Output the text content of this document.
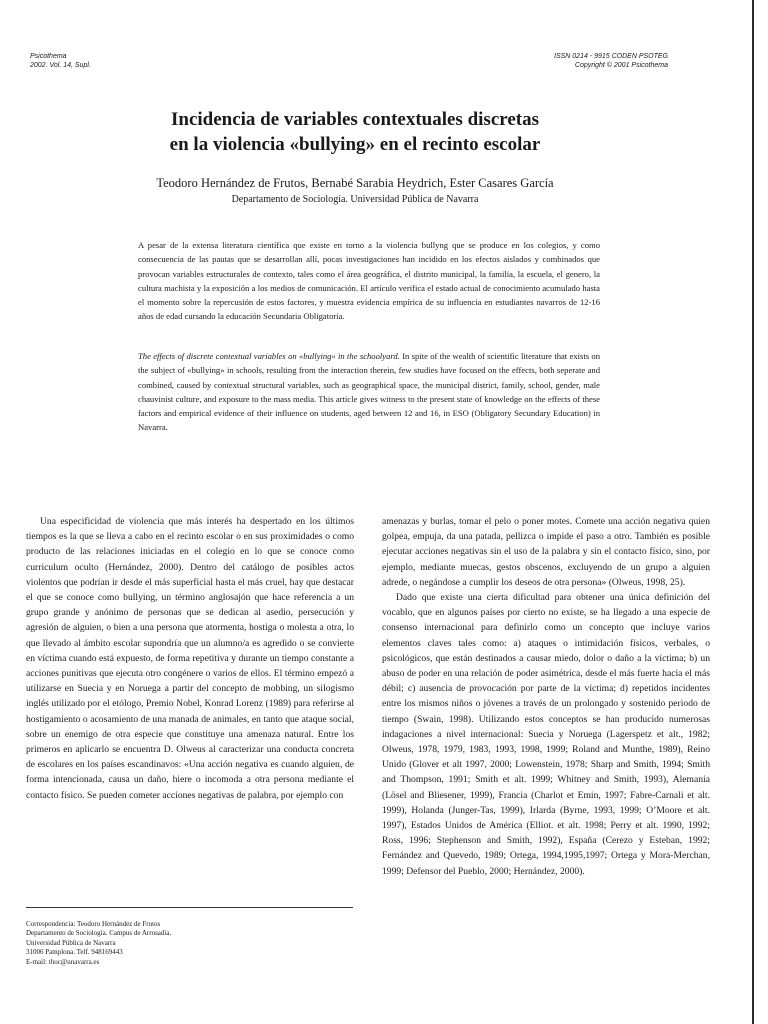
Psicothema
2002. Vol. 14, Supl.
ISSN 0214 - 9915 CODEN PSOTEG
Copyright © 2001 Psicothema
Incidencia de variables contextuales discretas
en la violencia «bullying» en el recinto escolar
Teodoro Hernández de Frutos, Bernabé Sarabia Heydrich, Ester Casares García
Departamento de Sociología. Universidad Pública de Navarra
A pesar de la extensa literatura científica que existe en torno a la violencia bullyng que se produce en los colegios, y como consecuencia de las pautas que se desarrollan allí, pocas investigaciones han incidido en los efectos aislados y combinados que provocan variables estructurales de contexto, tales como el área geográfica, el distrito municipal, la familia, la escuela, el genero, la cultura machista y la exposición a los medios de comunicación. El artículo verifica el estado actual de conocimiento acumulado hasta el momento sobre la repercusión de estos factores, y muestra evidencia empírica de su influencia en estudiantes navarros de 12-16 años de edad cursando la educación Secundaria Obligatoria.
The effects of discrete contextual variables on «bullying» in the schoolyard. In spite of the wealth of scientific literature that exists on the subject of «bullying» in schools, resulting from the interaction therein, few studies have focused on the effects, both seperate and combined, caused by contextual structural variables, such as geographical space, the municipal district, family, school, gender, male chauvinist culture, and exposure to the mass media. This article gives witness to the present state of knowledge on the effects of these factors and empirical evidence of their influence on students, aged between 12 and 16, in ESO (Obligatory Secundary Education) in Navarra.

Una especificidad de violencia que más interés ha despertado en los últimos tiempos es la que se lleva a cabo en el recinto escolar o en sus proximidades o como producto de las relaciones iniciadas en el colegio en lo que se conoce como curriculum oculto (Hernández, 2000). Dentro del catálogo de posibles actos violentos que podrían ir desde el más superficial hasta el más cruel, hay que destacar el que se conoce como bullying, un término anglosajón que hace referencia a un grupo grande y anónimo de personas que se dedican al asedio, persecución y agresión de alguien, o bien a una persona que atormenta, hostiga o molesta a otra, lo que llevado al ámbito escolar supondría que un alumno/a es agredido o se convierte en víctima cuando está expuesto, de forma repetitiva y durante un tiempo constante a acciones punitivas que ejecuta otro congénere o varios de ellos. El término empezó a utilizarse en Suecia y en Noruega a partir del concepto de mobbing, un silogismo inglés utilizado por el etólogo, Premio Nobel, Konrad Lorenz (1989) para referirse al hostigamiento o acosamiento de una manada de animales, en tanto que ataque social, sobre un enemigo de otra especie que constituye una amenaza natural. Entre los primeros en aplicarlo se encuentra D. Olweus al caracterizar una conducta concreta de escolares en los países escandinavos: «Una acción negativa es cuando alguien, de forma intencionada, causa un daño, hiere o incomoda a otra persona mediante el contacto físico. Se pueden cometer acciones negativas de palabra, por ejemplo con

amenazas y burlas, tomar el pelo o poner motes. Comete una acción negativa quien golpea, empuja, da una patada, pellizca o impide el paso a otro. También es posible ejecutar acciones negativas sin el uso de la palabra y sin el contacto físico, sino, por ejemplo, mediante muecas, gestos obscenos, excluyendo de un grupo a alguien adrede, o negándose a cumplir los deseos de otra persona» (Olweus, 1998, 25).

Dado que existe una cierta dificultad para obtener una única definición del vocablo, que en algunos países por cierto no existe, se ha llegado a una especie de consenso internacional para definirlo como un concepto que incluye varios elementos claves tales como: a) ataques o intimidación físicos, verbales, o psicológicos, que están destinados a causar miedo, dolor o daño a la víctima; b) un abuso de poder en una relación de poder asimétrica, desde el más fuerte hacia el más débil; c) ausencia de provocación por parte de la víctima; d) repetidos incidentes entre los mismos niños o jóvenes a través de un prolongado y sostenido periodo de tiempo (Swain, 1998). Utilizando estos conceptos se han producido numerosas indagaciones a nivel internacional: Suecia y Noruega (Lagerspetz et alt., 1982; Olweus, 1978, 1979, 1983, 1993, 1998, 1999; Roland and Munthe, 1989), Reino Unido (Glover et alt 1997, 2000; Lowenstein, 1978; Sharp and Smith, 1994; Smith and Thompson, 1991; Smith et alt. 1999; Whitney and Smith, 1993), Alemania (Lösel and Bliesener, 1999), Francia (Charlot et Emin, 1997; Fabre-Carnali et alt. 1999), Holanda (Junger-Tas, 1999), Irlarda (Byrne, 1993, 1999; O’Moore et alt. 1997), Estados Unidos de América (Elliot. et alt. 1998; Perry et alt. 1990, 1992; Ross, 1996; Stephenson and Smith, 1992), España (Cerezo y Esteban, 1992; Fernández and Quevedo, 1989; Ortega, 1994,1995,1997; Ortega y Mora-Merchan, 1999; Defensor del Pueblo, 2000; Hernández, 2000).

Correspondencia: Teodoro Hernández de Frutos
Departamento de Sociología. Campus de Arrosadía.
Universidad Pública de Navarra
31006 Pamplona. Telf. 948169443
E-mail: thoc@unavarra.es
